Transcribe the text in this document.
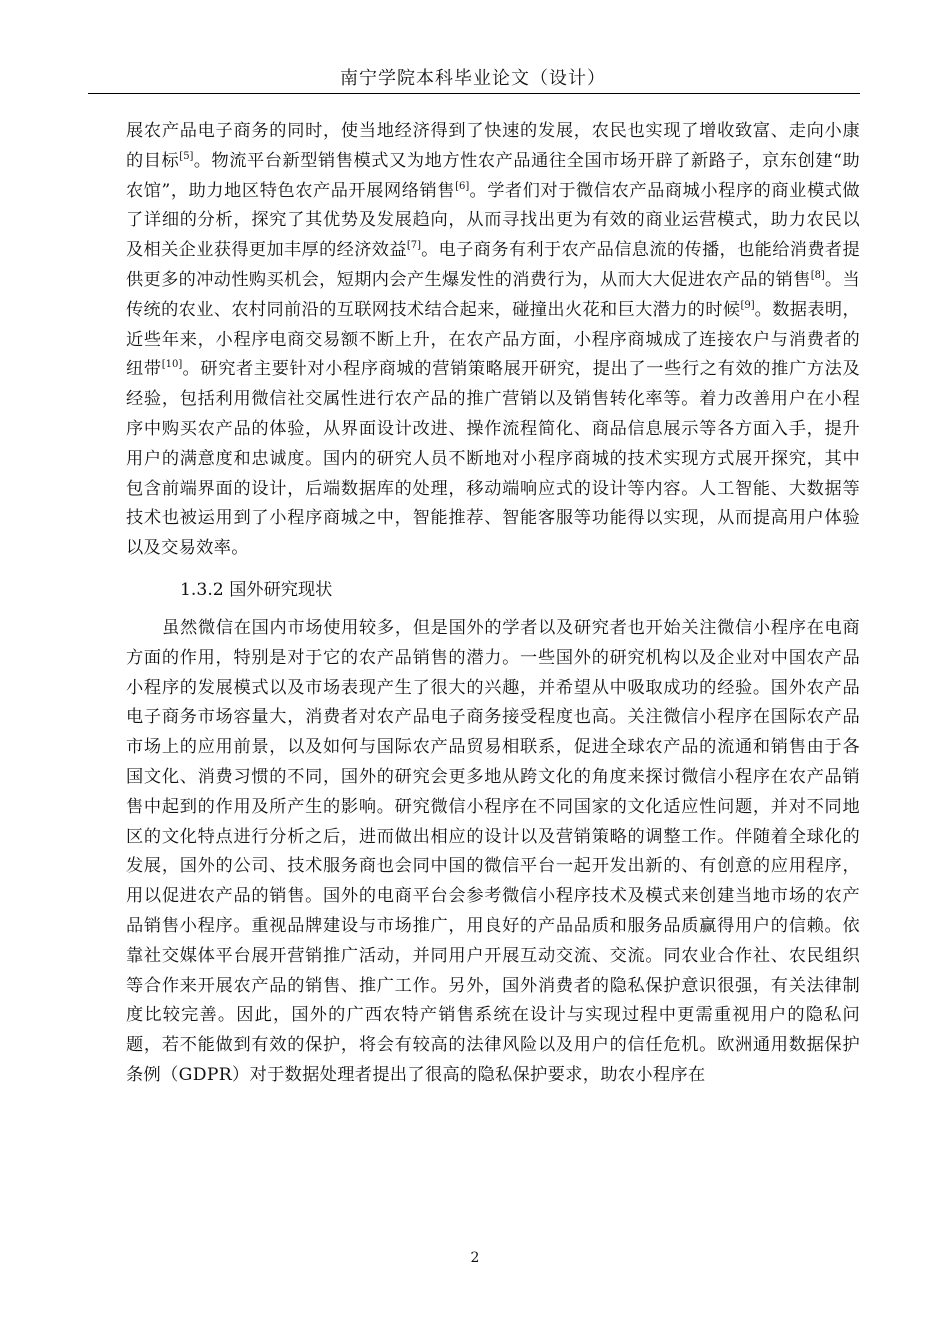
南宁学院本科毕业论文（设计）

展农产品电子商务的同时，使当地经济得到了快速的发展，农民也实现了增收致富、走向小康的目标[5]。物流平台新型销售模式又为地方性农产品通往全国市场开辟了新路子，京东创建“助农馆”，助力地区特色农产品开展网络销售[6]。学者们对于微信农产品商城小程序的商业模式做了详细的分析，探究了其优势及发展趋向，从而寻找出更为有效的商业运营模式，助力农民以及相关企业获得更加丰厚的经济效益[7]。电子商务有利于农产品信息流的传播，也能给消费者提供更多的冲动性购买机会，短期内会产生爆发性的消费行为，从而大大促进农产品的销售[8]。当传统的农业、农村同前沿的互联网技术结合起来，碰撞出火花和巨大潜力的时候[9]。数据表明，近些年来，小程序电商交易额不断上升，在农产品方面，小程序商城成了连接农户与消费者的纽带[10]。研究者主要针对小程序商城的营销策略展开研究，提出了一些行之有效的推广方法及经验，包括利用微信社交属性进行农产品的推广营销以及销售转化率等。着力改善用户在小程序中购买农产品的体验，从界面设计改进、操作流程简化、商品信息展示等各方面入手，提升用户的满意度和忠诚度。国内的研究人员不断地对小程序商城的技术实现方式展开探究，其中包含前端界面的设计，后端数据库的处理，移动端响应式的设计等内容。人工智能、大数据等技术也被运用到了小程序商城之中，智能推荐、智能客服等功能得以实现，从而提高用户体验以及交易效率。

1.3.2 国外研究现状

虽然微信在国内市场使用较多，但是国外的学者以及研究者也开始关注微信小程序在电商方面的作用，特别是对于它的农产品销售的潜力。一些国外的研究机构以及企业对中国农产品小程序的发展模式以及市场表现产生了很大的兴趣，并希望从中吸取成功的经验。国外农产品电子商务市场容量大，消费者对农产品电子商务接受程度也高。关注微信小程序在国际农产品市场上的应用前景，以及如何与国际农产品贸易相联系，促进全球农产品的流通和销售由于各国文化、消费习惯的不同，国外的研究会更多地从跨文化的角度来探讨微信小程序在农产品销售中起到的作用及所产生的影响。研究微信小程序在不同国家的文化适应性问题，并对不同地区的文化特点进行分析之后，进而做出相应的设计以及营销策略的调整工作。伴随着全球化的发展，国外的公司、技术服务商也会同中国的微信平台一起开发出新的、有创意的应用程序，用以促进农产品的销售。国外的电商平台会参考微信小程序技术及模式来创建当地市场的农产品销售小程序。重视品牌建设与市场推广，用良好的产品品质和服务品质赢得用户的信赖。依靠社交媒体平台展开营销推广活动，并同用户开展互动交流、交流。同农业合作社、农民组织等合作来开展农产品的销售、推广工作。另外，国外消费者的隐私保护意识很强，有关法律制度比较完善。因此，国外的广西农特产销售系统在设计与实现过程中更需重视用户的隐私问题，若不能做到有效的保护，将会有较高的法律风险以及用户的信任危机。欧洲通用数据保护条例（GDPR）对于数据处理者提出了很高的隐私保护要求，助农小程序在

2
